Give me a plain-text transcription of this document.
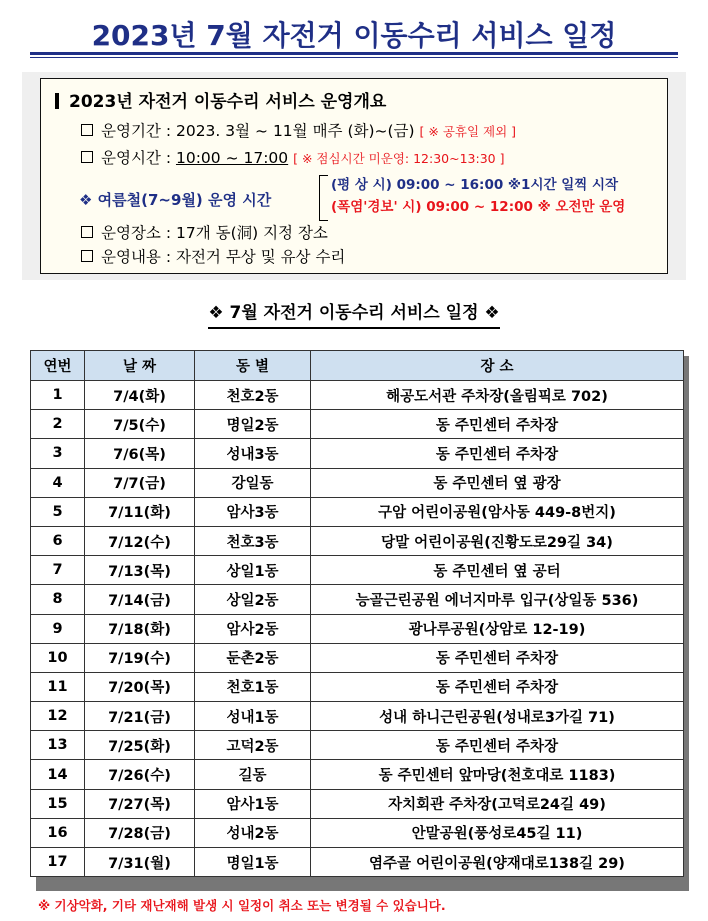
2023년 7월 자전거 이동수리 서비스 일정
2023년 자전거 이동수리 서비스 운영개요
운영기간 : 2023. 3월 ~ 11월 매주 (화)~(금) [ ※ 공휴일 제외 ]
운영시간 : 10:00 ~ 17:00 [ ※ 점심시간 미운영: 12:30~13:30 ]
❖ 여름철(7~9월) 운영 시간
(평 상 시) 09:00 ~ 16:00 ※1시간 일찍 시작
(폭염'경보' 시) 09:00 ~ 12:00 ※ 오전만 운영
운영장소 : 17개 동(洞) 지정 장소
운영내용 : 자전거 무상 및 유상 수리
❖ 7월 자전거 이동수리 서비스 일정 ❖
연번	날 짜	동 별	장 소
1	7/4(화)	천호2동	해공도서관 주차장(올림픽로 702)
2	7/5(수)	명일2동	동 주민센터 주차장
3	7/6(목)	성내3동	동 주민센터 주차장
4	7/7(금)	강일동	동 주민센터 옆 광장
5	7/11(화)	암사3동	구암 어린이공원(암사동 449-8번지)
6	7/12(수)	천호3동	당말 어린이공원(진황도로29길 34)
7	7/13(목)	상일1동	동 주민센터 옆 공터
8	7/14(금)	상일2동	능골근린공원 에너지마루 입구(상일동 536)
9	7/18(화)	암사2동	광나루공원(상암로 12-19)
10	7/19(수)	둔촌2동	동 주민센터 주차장
11	7/20(목)	천호1동	동 주민센터 주차장
12	7/21(금)	성내1동	성내 하니근린공원(성내로3가길 71)
13	7/25(화)	고덕2동	동 주민센터 주차장
14	7/26(수)	길동	동 주민센터 앞마당(천호대로 1183)
15	7/27(목)	암사1동	자치회관 주차장(고덕로24길 49)
16	7/28(금)	성내2동	안말공원(풍성로45길 11)
17	7/31(월)	명일1동	염주골 어린이공원(양재대로138길 29)
※ 기상악화, 기타 재난재해 발생 시 일정이 취소 또는 변경될 수 있습니다.
